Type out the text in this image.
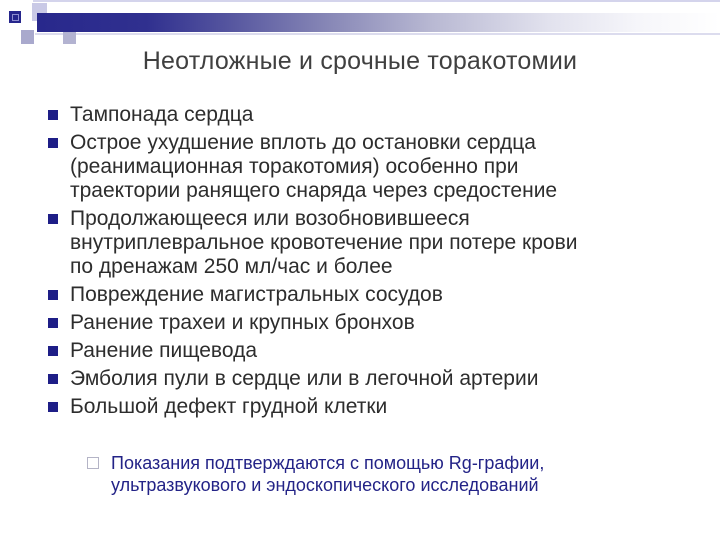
Неотложные и срочные торакотомии
Тампонада сердца
Острое ухудшение вплоть до остановки сердца
(реанимационная торакотомия) особенно при
траектории ранящего снаряда через средостение
Продолжающееся или возобновившееся
внутриплевральное кровотечение при потере крови
по дренажам 250 мл/час и более
Повреждение магистральных сосудов
Ранение трахеи и крупных бронхов
Ранение пищевода
Эмболия пули в сердце или в легочной артерии
Большой дефект грудной клетки
Показания подтверждаются с помощью Rg-графии,
ультразвукового и эндоскопического исследований
